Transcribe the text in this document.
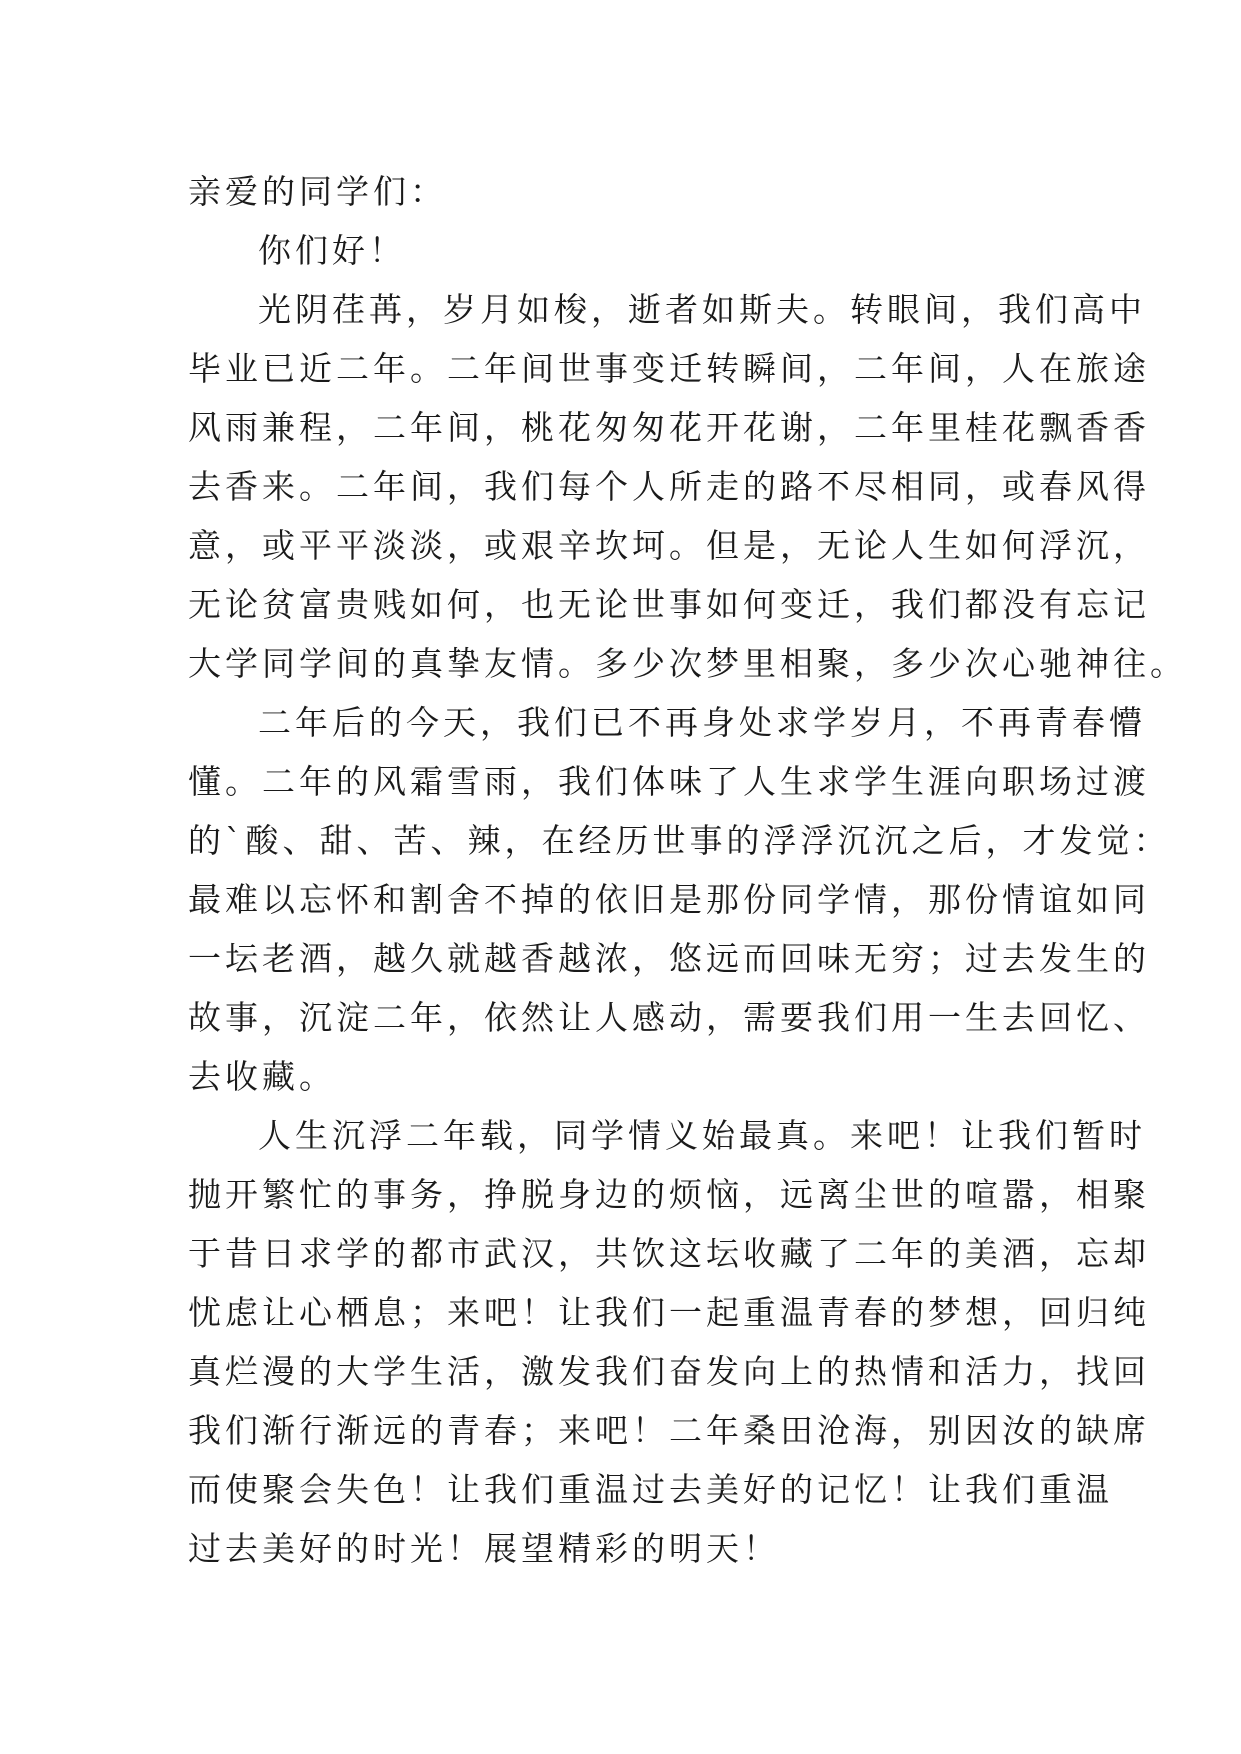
亲爱的同学们：
你们好！
光阴荏苒，岁月如梭，逝者如斯夫。转眼间，我们高中
毕业已近二年。二年间世事变迁转瞬间，二年间，人在旅途
风雨兼程，二年间，桃花匆匆花开花谢，二年里桂花飘香香
去香来。二年间，我们每个人所走的路不尽相同，或春风得
意，或平平淡淡，或艰辛坎坷。但是，无论人生如何浮沉，
无论贫富贵贱如何，也无论世事如何变迁，我们都没有忘记
大学同学间的真挚友情。多少次梦里相聚，多少次心驰神往。
二年后的今天，我们已不再身处求学岁月，不再青春懵
懂。二年的风霜雪雨，我们体味了人生求学生涯向职场过渡
的`酸、甜、苦、辣，在经历世事的浮浮沉沉之后，才发觉：
最难以忘怀和割舍不掉的依旧是那份同学情，那份情谊如同
一坛老酒，越久就越香越浓，悠远而回味无穷；过去发生的
故事，沉淀二年，依然让人感动，需要我们用一生去回忆、
去收藏。
人生沉浮二年载，同学情义始最真。来吧！让我们暂时
抛开繁忙的事务，挣脱身边的烦恼，远离尘世的喧嚣，相聚
于昔日求学的都市武汉，共饮这坛收藏了二年的美酒，忘却
忧虑让心栖息；来吧！让我们一起重温青春的梦想，回归纯
真烂漫的大学生活，激发我们奋发向上的热情和活力，找回
我们渐行渐远的青春；来吧！二年桑田沧海，别因汝的缺席
而使聚会失色！让我们重温过去美好的记忆！让我们重温
过去美好的时光！展望精彩的明天！
